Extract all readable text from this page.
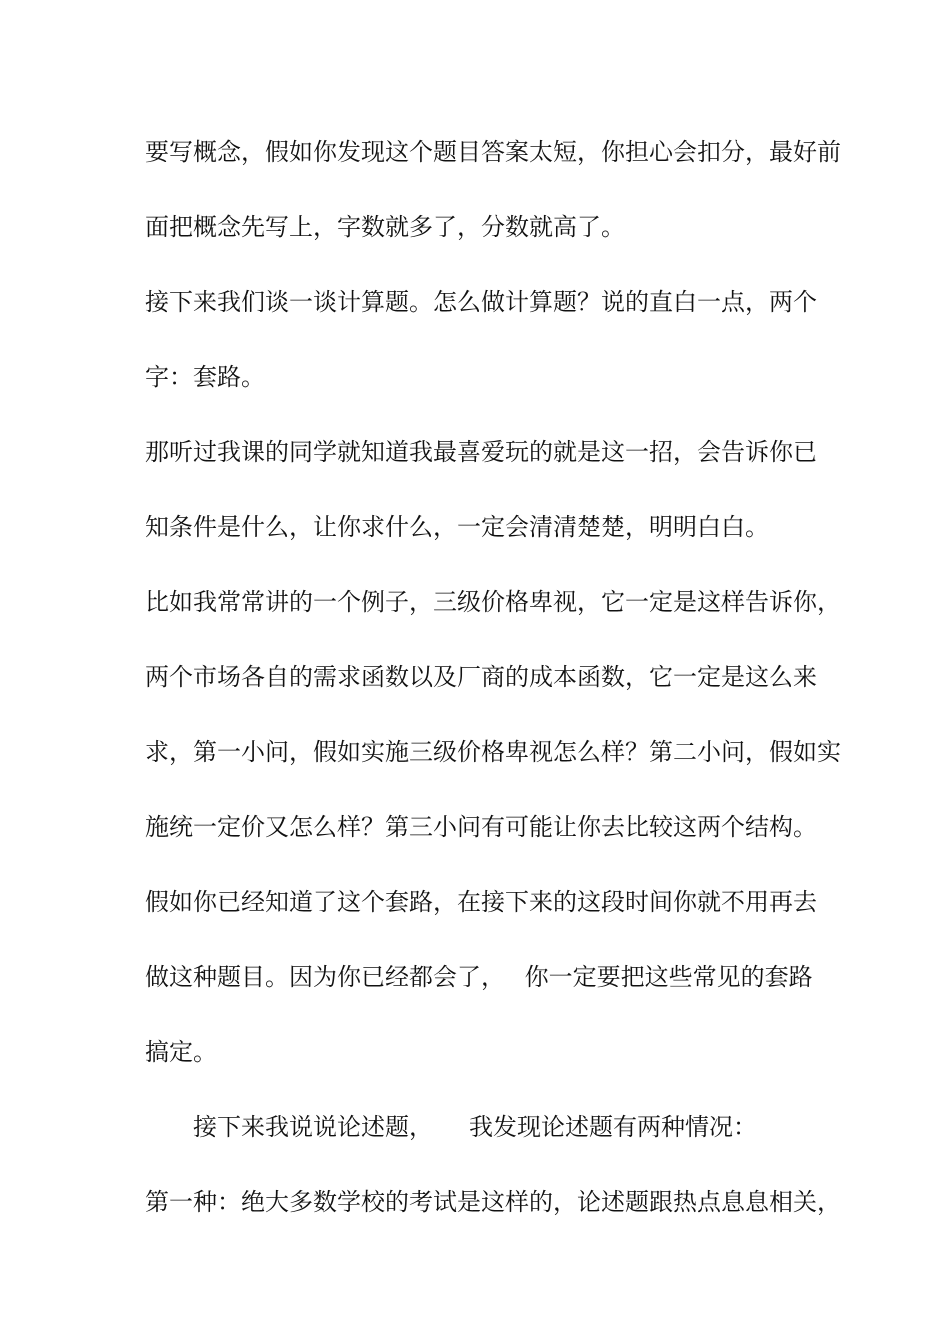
要写概念，假如你发现这个题目答案太短，你担心会扣分，最好前
面把概念先写上，字数就多了，分数就高了。
接下来我们谈一谈计算题。怎么做计算题？说的直白一点，两个
字：套路。
那听过我课的同学就知道我最喜爱玩的就是这一招，会告诉你已
知条件是什么，让你求什么，一定会清清楚楚，明明白白。
比如我常常讲的一个例子，三级价格卑视，它一定是这样告诉你，
两个市场各自的需求函数以及厂商的成本函数，它一定是这么来
求，第一小问，假如实施三级价格卑视怎么样？第二小问，假如实
施统一定价又怎么样？第三小问有可能让你去比较这两个结构。
假如你已经知道了这个套路，在接下来的这段时间你就不用再去
做这种题目。因为你已经都会了，　 你一定要把这些常见的套路
搞定。
接下来我说说论述题，　　我发现论述题有两种情况：
第一种：绝大多数学校的考试是这样的，论述题跟热点息息相关，
